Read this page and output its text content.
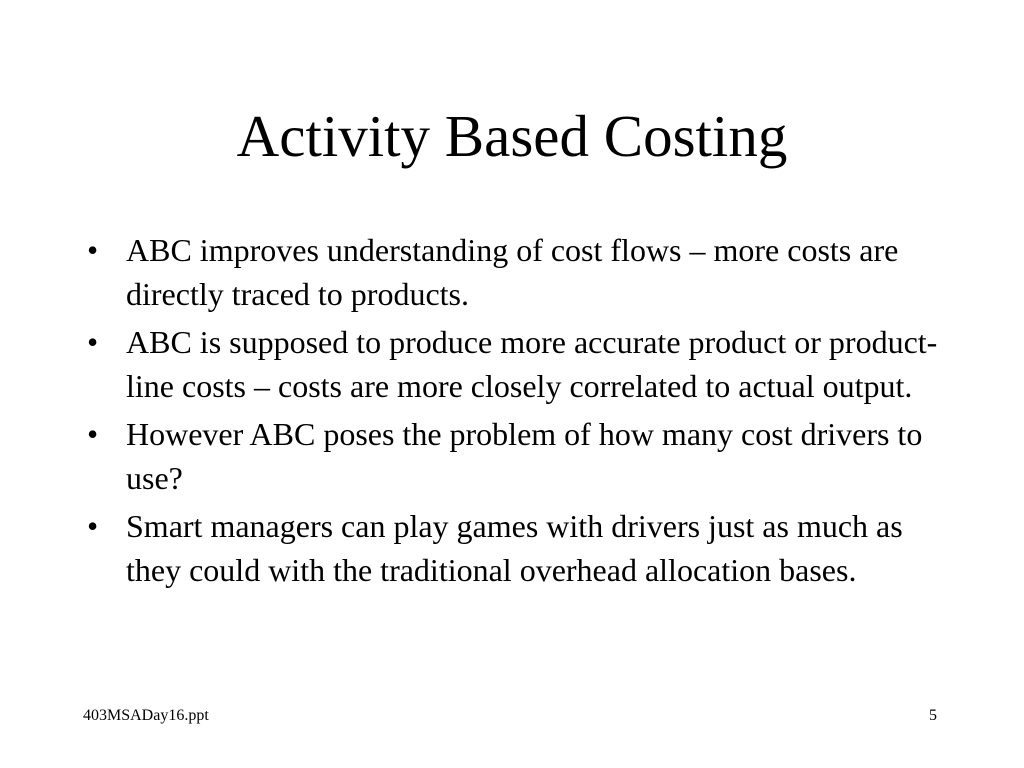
Activity Based Costing
• ABC improves understanding of cost flows – more costs are directly traced to products.
• ABC is supposed to produce more accurate product or product-line costs – costs are more closely correlated to actual output.
• However ABC poses the problem of how many cost drivers to use?
• Smart managers can play games with drivers just as much as they could with the traditional overhead allocation bases.
403MSADay16.ppt	5
